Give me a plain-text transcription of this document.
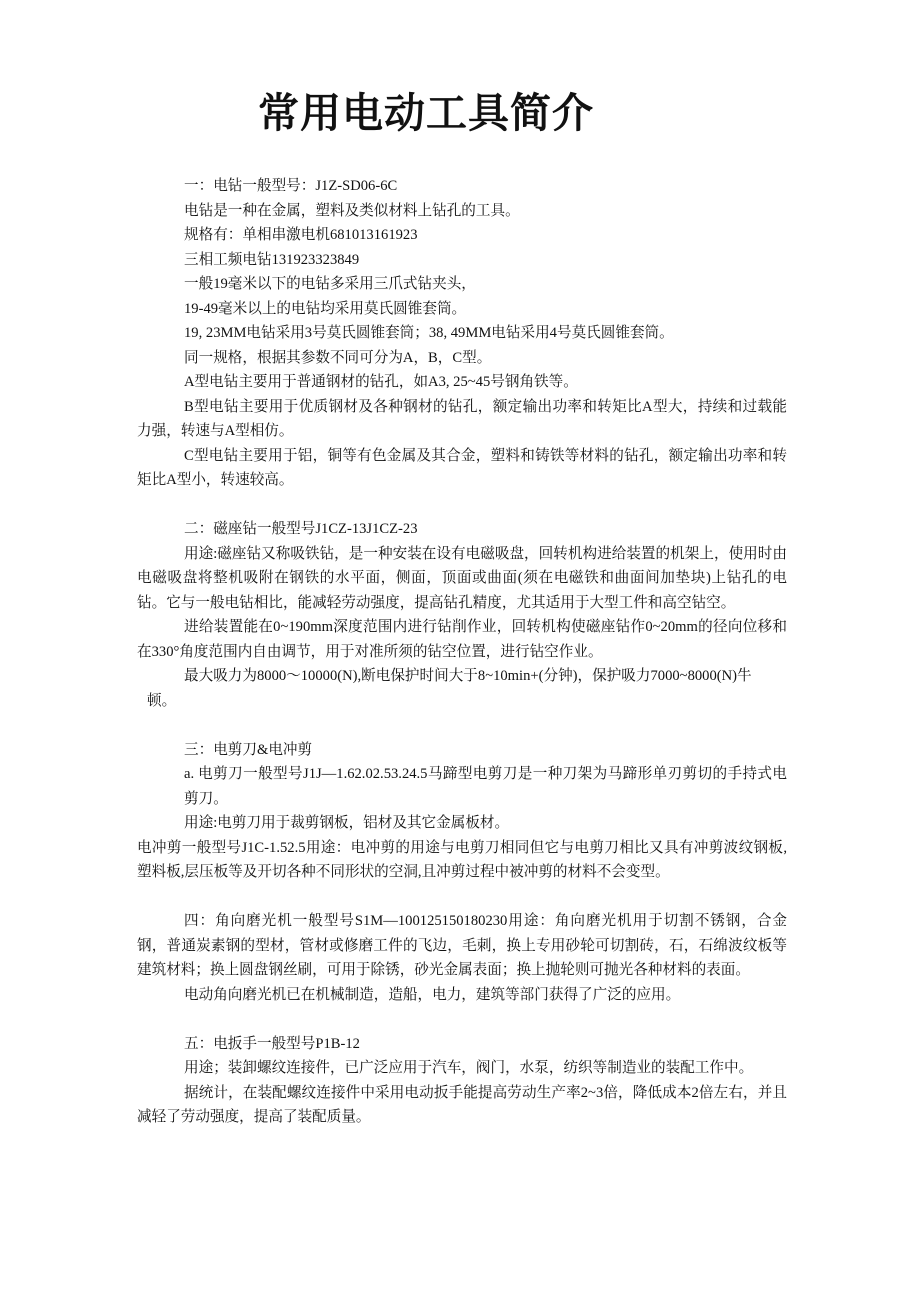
常用电动工具简介

一：电钻一般型号：J1Z-SD06-6C

电钻是一种在金属，塑料及类似材料上钻孔的工具。

规格有：单相串激电机681013161923

三相工频电钻131923323849

一般19毫米以下的电钻多采用三爪式钻夹头，

19-49毫米以上的电钻均采用莫氏圆锥套筒。

19, 23MM电钻采用3号莫氏圆锥套筒；38, 49MM电钻采用4号莫氏圆锥套筒。

同一规格，根据其参数不同可分为A，B，C型。

A型电钻主要用于普通钢材的钻孔，如A3, 25~45号钢角铁等。

B型电钻主要用于优质钢材及各种钢材的钻孔，额定输出功率和转矩比A型大，持续和过载能力强，转速与A型相仿。

C型电钻主要用于铝，铜等有色金属及其合金，塑料和铸铁等材料的钻孔，额定输出功率和转矩比A型小，转速较高。

二：磁座钻一般型号J1CZ-13J1CZ-23

用途:磁座钻又称吸铁钻，是一种安装在设有电磁吸盘，回转机构进给装置的机架上，使用时由电磁吸盘将整机吸附在钢铁的水平面，侧面，顶面或曲面(须在电磁铁和曲面间加垫块)上钻孔的电钻。它与一般电钻相比，能减轻劳动强度，提高钻孔精度，尤其适用于大型工件和高空钻空。

进给装置能在0~190mm深度范围内进行钻削作业，回转机构使磁座钻作0~20mm的径向位移和在330°角度范围内自由调节，用于对准所须的钻空位置，进行钻空作业。

最大吸力为8000〜10000(N),断电保护时间大于8~10min+(分钟)，保护吸力7000~8000(N)牛

顿。

三：电剪刀&电冲剪

a. 电剪刀一般型号J1J—1.62.02.53.24.5马蹄型电剪刀是一种刀架为马蹄形单刃剪切的手持式电剪刀。

用途:电剪刀用于裁剪钢板，铝材及其它金属板材。

电冲剪一般型号J1C-1.52.5用途：电冲剪的用途与电剪刀相同但它与电剪刀相比又具有冲剪波纹钢板,塑料板,层压板等及开切各种不同形状的空洞,且冲剪过程中被冲剪的材料不会变型。

四：角向磨光机一般型号S1M—100125150180230用途：角向磨光机用于切割不锈钢，合金钢，普通炭素钢的型材，管材或修磨工件的飞边，毛刺，换上专用砂轮可切割砖，石，石绵波纹板等建筑材料；换上圆盘钢丝刷，可用于除锈，砂光金属表面；换上抛轮则可抛光各种材料的表面。

电动角向磨光机已在机械制造，造船，电力，建筑等部门获得了广泛的应用。

五：电扳手一般型号P1B-12

用途；装卸螺纹连接件，已广泛应用于汽车，阀门，水泵，纺织等制造业的装配工作中。

据统计，在装配螺纹连接件中采用电动扳手能提高劳动生产率2~3倍，降低成本2倍左右，并且减轻了劳动强度，提高了装配质量。
